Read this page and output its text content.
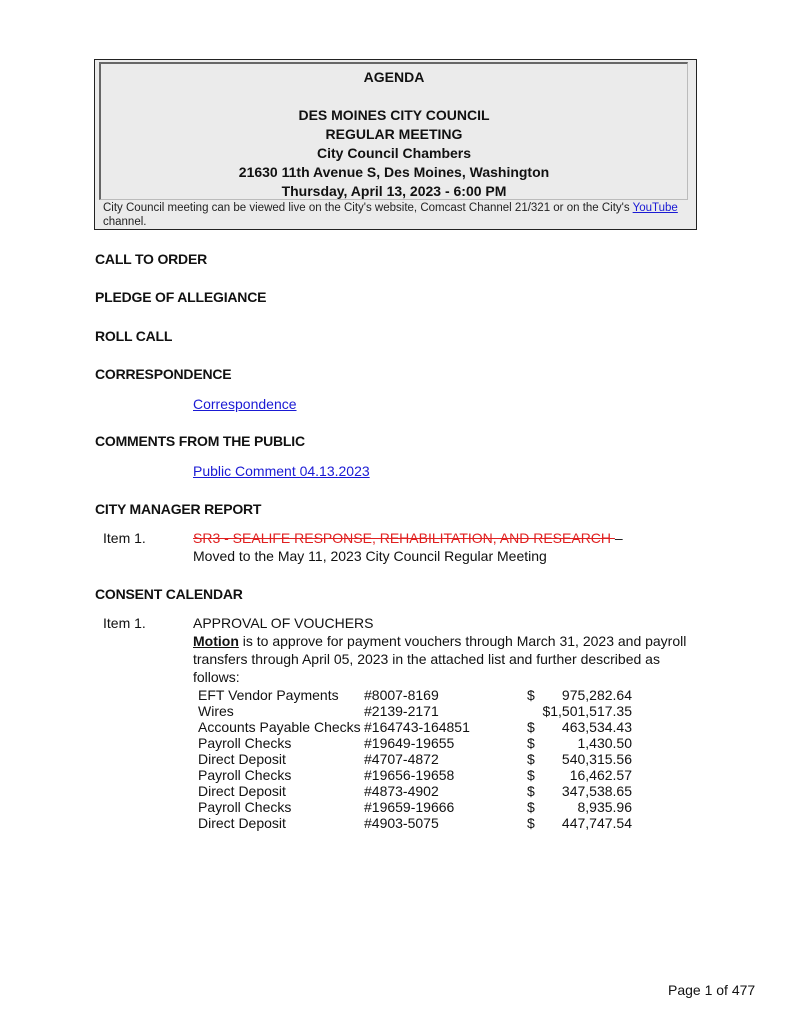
AGENDA
DES MOINES CITY COUNCIL
REGULAR MEETING
City Council Chambers
21630 11th Avenue S, Des Moines, Washington
Thursday, April 13, 2023 - 6:00 PM
City Council meeting can be viewed live on the City's website, Comcast Channel 21/321 or on the City's YouTube channel.
CALL TO ORDER
PLEDGE OF ALLEGIANCE
ROLL CALL
CORRESPONDENCE
Correspondence
COMMENTS FROM THE PUBLIC
Public Comment 04.13.2023
CITY MANAGER REPORT
Item 1.	SR3 - SEALIFE RESPONSE, REHABILITATION, AND RESEARCH –
Moved to the May 11, 2023 City Council Regular Meeting
CONSENT CALENDAR
Item 1.	APPROVAL OF VOUCHERS
Motion is to approve for payment vouchers through March 31, 2023 and payroll transfers through April 05, 2023 in the attached list and further described as follows:
EFT Vendor Payments	#8007-8169	$	975,282.64
Wires	#2139-2171	$1,501,517.35	
Accounts Payable Checks	#164743-164851	$	463,534.43
Payroll Checks	#19649-19655	$	1,430.50
Direct Deposit	#4707-4872	$	540,315.56
Payroll Checks	#19656-19658	$	16,462.57
Direct Deposit	#4873-4902	$	347,538.65
Payroll Checks	#19659-19666	$	8,935.96
Direct Deposit	#4903-5075	$	447,747.54
Page 1 of 477
